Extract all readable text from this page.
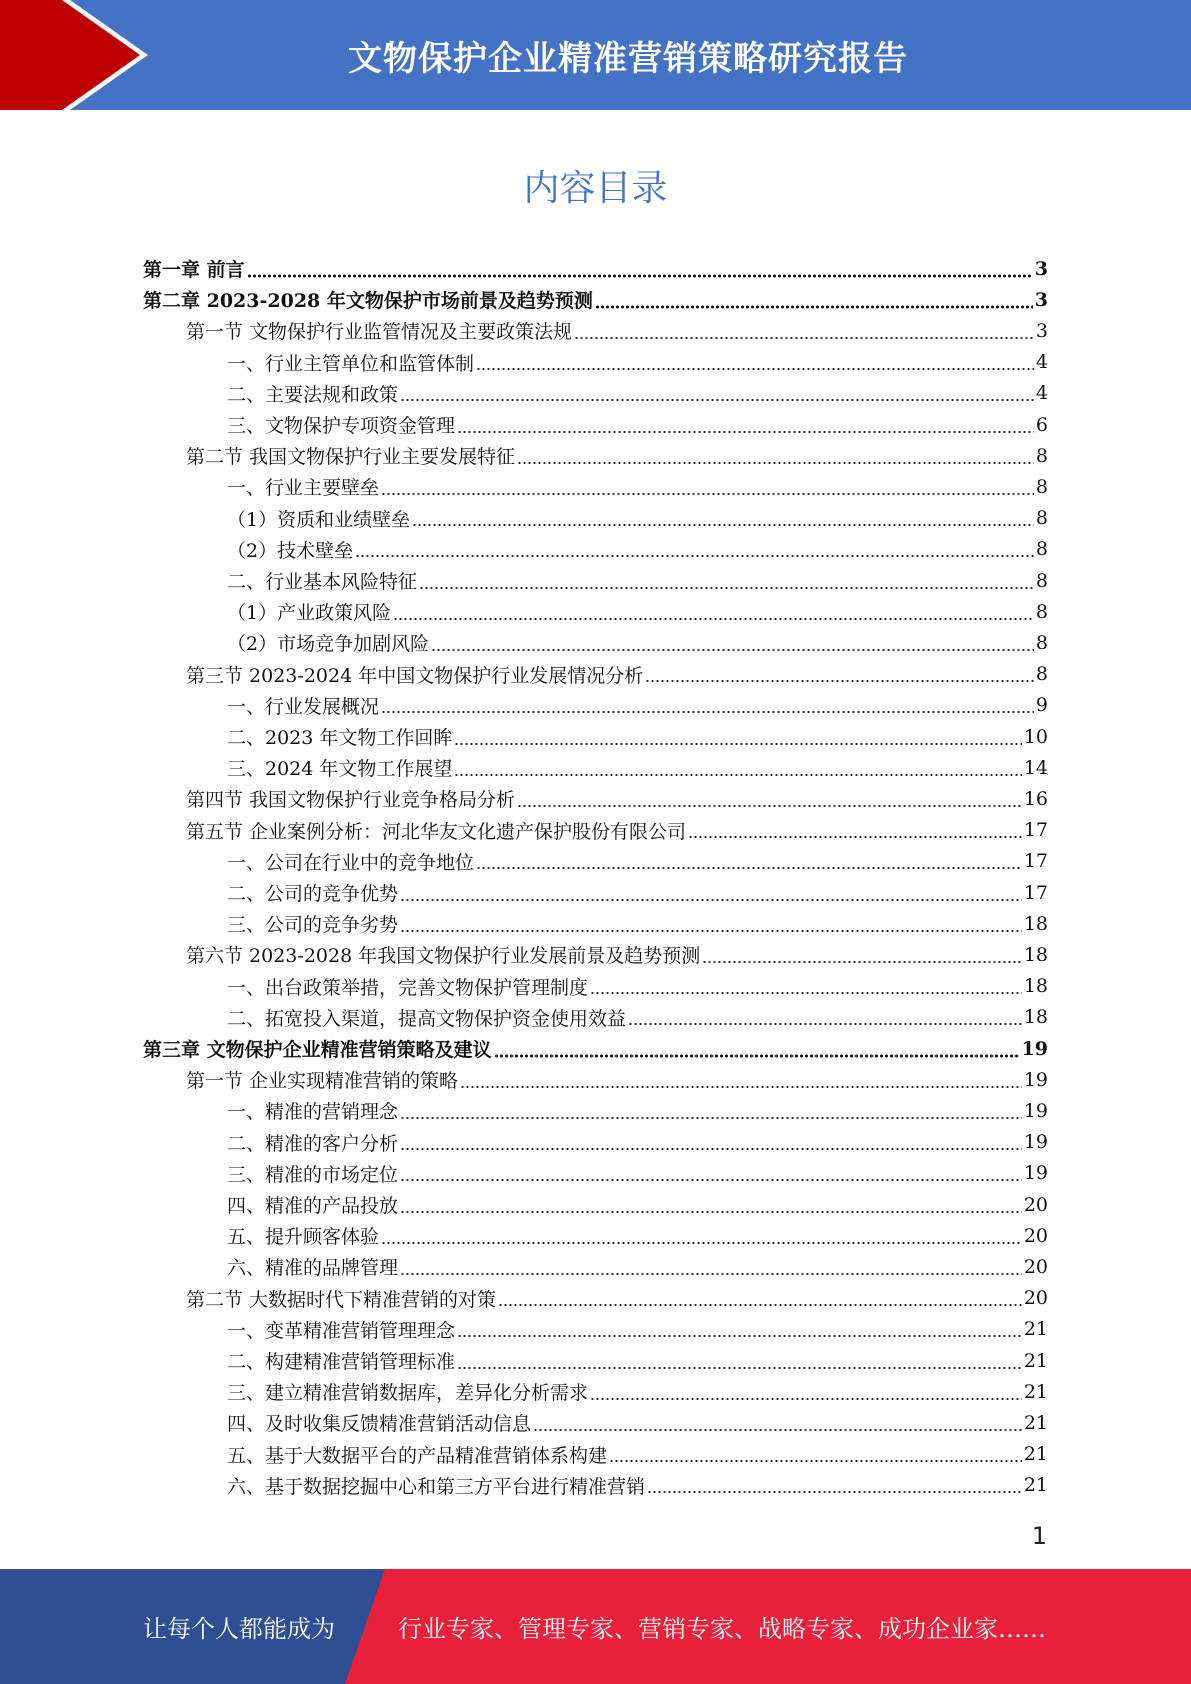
文物保护企业精准营销策略研究报告
内容目录
第一章 前言	3
第二章 2023-2028 年文物保护市场前景及趋势预测	3
第一节 文物保护行业监管情况及主要政策法规	3
一、行业主管单位和监管体制	4
二、主要法规和政策	4
三、文物保护专项资金管理	6
第二节 我国文物保护行业主要发展特征	8
一、行业主要壁垒	8
（1）资质和业绩壁垒	8
（2）技术壁垒	8
二、行业基本风险特征	8
（1）产业政策风险	8
（2）市场竞争加剧风险	8
第三节 2023-2024 年中国文物保护行业发展情况分析	8
一、行业发展概况	9
二、2023 年文物工作回眸	10
三、2024 年文物工作展望	14
第四节 我国文物保护行业竞争格局分析	16
第五节 企业案例分析：河北华友文化遗产保护股份有限公司	17
一、公司在行业中的竞争地位	17
二、公司的竞争优势	17
三、公司的竞争劣势	18
第六节 2023-2028 年我国文物保护行业发展前景及趋势预测	18
一、出台政策举措，完善文物保护管理制度	18
二、拓宽投入渠道，提高文物保护资金使用效益	18
第三章 文物保护企业精准营销策略及建议	19
第一节 企业实现精准营销的策略	19
一、精准的营销理念	19
二、精准的客户分析	19
三、精准的市场定位	19
四、精准的产品投放	20
五、提升顾客体验	20
六、精准的品牌管理	20
第二节 大数据时代下精准营销的对策	20
一、变革精准营销管理理念	21
二、构建精准营销管理标准	21
三、建立精准营销数据库，差异化分析需求	21
四、及时收集反馈精准营销活动信息	21
五、基于大数据平台的产品精准营销体系构建	21
六、基于数据挖掘中心和第三方平台进行精准营销	21
1
让每个人都能成为	行业专家、管理专家、营销专家、战略专家、成功企业家……
